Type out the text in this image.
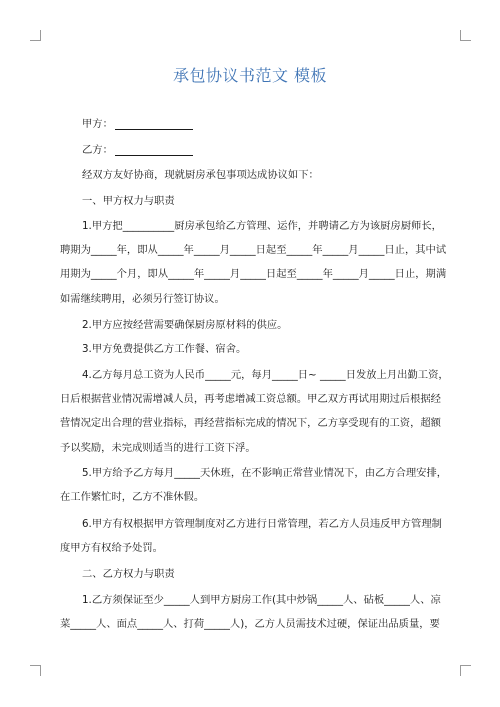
承包协议书范文 模板
甲方：
乙方：
经双方友好协商，现就厨房承包事项达成协议如下：
一、甲方权力与职责
1.甲方把__________厨房承包给乙方管理、运作，并聘请乙方为该厨房厨师长，
聘期为_____年，即从_____年_____月_____日起至_____年_____月_____日止，其中试
用期为_____个月，即从_____年_____月_____日起至_____年_____月_____日止，期满
如需继续聘用，必须另行签订协议。
2.甲方应按经营需要确保厨房原材料的供应。
3.甲方免费提供乙方工作餐、宿舍。
4.乙方每月总工资为人民币_____元，每月_____日~ _____日发放上月出勤工资，
日后根据营业情况需增减人员，再考虑增减工资总额。甲乙双方再试用期过后根据经
营情况定出合理的营业指标，再经营指标完成的情况下，乙方享受现有的工资，超额
予以奖励，未完成则适当的进行工资下浮。
5.甲方给予乙方每月_____天休班，在不影响正常营业情况下，由乙方合理安排，
在工作繁忙时，乙方不准休假。
6.甲方有权根据甲方管理制度对乙方进行日常管理，若乙方人员违反甲方管理制
度甲方有权给予处罚。
二、乙方权力与职责
1.乙方须保证至少_____人到甲方厨房工作(其中炒锅_____人、砧板_____人、凉
菜_____人、面点_____人、打荷_____人)，乙方人员需技术过硬，保证出品质量，要
